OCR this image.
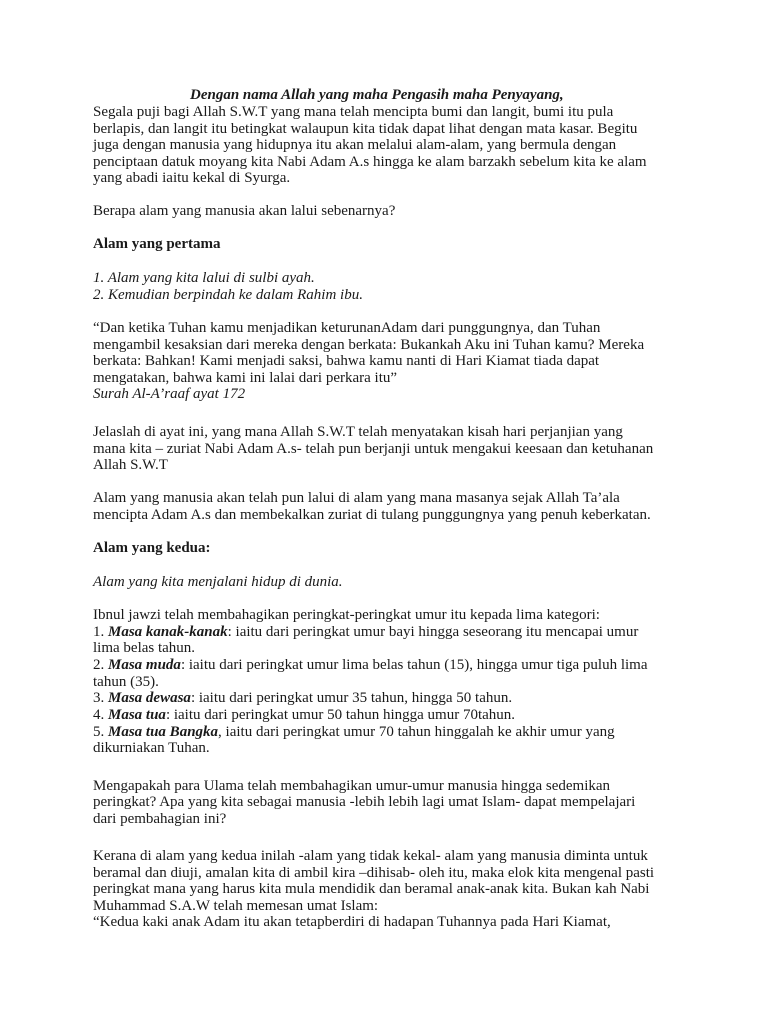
Dengan nama Allah yang maha Pengasih maha Penyayang,

Segala puji bagi Allah S.W.T yang mana telah mencipta bumi dan langit, bumi itu pula

berlapis, dan langit itu betingkat walaupun kita tidak dapat lihat dengan mata kasar. Begitu

juga dengan manusia yang hidupnya itu akan melalui alam-alam, yang bermula dengan

penciptaan datuk moyang kita Nabi Adam A.s hingga ke alam barzakh sebelum kita ke alam

yang abadi iaitu kekal di Syurga.

Berapa alam yang manusia akan lalui sebenarnya?

Alam yang pertama

1. Alam yang kita lalui di sulbi ayah.

2. Kemudian berpindah ke dalam Rahim ibu.

“Dan ketika Tuhan kamu menjadikan keturunanAdam dari punggungnya, dan Tuhan

mengambil kesaksian dari mereka dengan berkata: Bukankah Aku ini Tuhan kamu? Mereka

berkata: Bahkan! Kami menjadi saksi, bahwa kamu nanti di Hari Kiamat tiada dapat

mengatakan, bahwa kami ini lalai dari perkara itu”

Surah Al-A’raaf ayat 172

Jelaslah di ayat ini, yang mana Allah S.W.T telah menyatakan kisah hari perjanjian yang

mana kita – zuriat Nabi Adam A.s- telah pun berjanji untuk mengakui keesaan dan ketuhanan

Allah S.W.T

Alam yang manusia akan telah pun lalui di alam yang mana masanya sejak Allah Ta’ala

mencipta Adam A.s dan membekalkan zuriat di tulang punggungnya yang penuh keberkatan.

Alam yang kedua:

Alam yang kita menjalani hidup di dunia.

Ibnul jawzi telah membahagikan peringkat-peringkat umur itu kepada lima kategori:

1. Masa kanak-kanak: iaitu dari peringkat umur bayi hingga seseorang itu mencapai umur

lima belas tahun.

2. Masa muda: iaitu dari peringkat umur lima belas tahun (15), hingga umur tiga puluh lima

tahun (35).

3. Masa dewasa: iaitu dari peringkat umur 35 tahun, hingga 50 tahun.

4. Masa tua: iaitu dari peringkat umur 50 tahun hingga umur 70tahun.

5. Masa tua Bangka, iaitu dari peringkat umur 70 tahun hinggalah ke akhir umur yang

dikurniakan Tuhan.

Mengapakah para Ulama telah membahagikan umur-umur manusia hingga sedemikan

peringkat? Apa yang kita sebagai manusia -lebih lebih lagi umat Islam- dapat mempelajari

dari pembahagian ini?

Kerana di alam yang kedua inilah -alam yang tidak kekal- alam yang manusia diminta untuk

beramal dan diuji, amalan kita di ambil kira –dihisab- oleh itu, maka elok kita mengenal pasti

peringkat mana yang harus kita mula mendidik dan beramal anak-anak kita. Bukan kah Nabi

Muhammad S.A.W telah memesan umat Islam:

“Kedua kaki anak Adam itu akan tetapberdiri di hadapan Tuhannya pada Hari Kiamat,
